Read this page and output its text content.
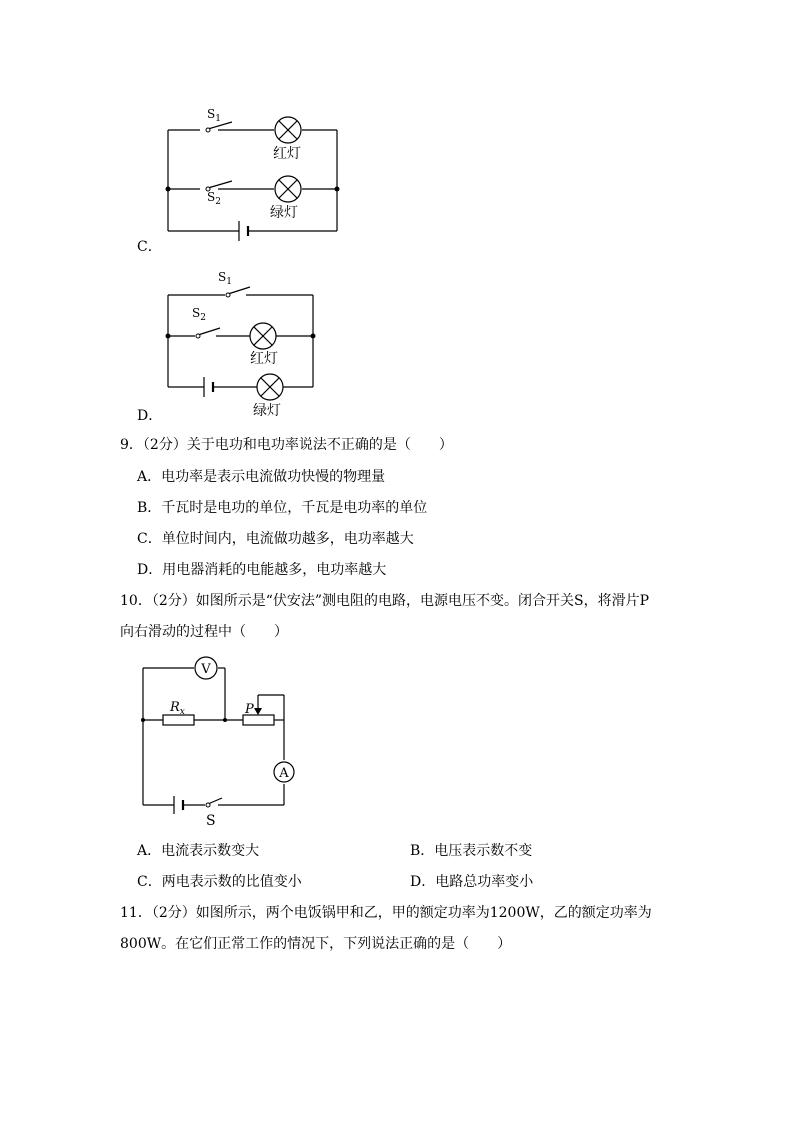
$S_1$
$S_2$
红灯
绿灯
C．
$S_1$
$S_2$
红灯
绿灯
D．
9．（2分）关于电功和电功率说法不正确的是（　　）
A．电功率是表示电流做功快慢的物理量
B．千瓦时是电功的单位，千瓦是电功率的单位
C．单位时间内，电流做功越多，电功率越大
D．用电器消耗的电能越多，电功率越大
10．（2分）如图所示是“伏安法”测电阻的电路，电源电压不变。闭合开关S，将滑片P
向右滑动的过程中（　　）
V
A
$R_x$	P
S
A．电流表示数变大	B．电压表示数不变
C．两电表示数的比值变小	D．电路总功率变小
11．（2分）如图所示，两个电饭锅甲和乙，甲的额定功率为1200W，乙的额定功率为
800W。在它们正常工作的情况下，下列说法正确的是（　　）
